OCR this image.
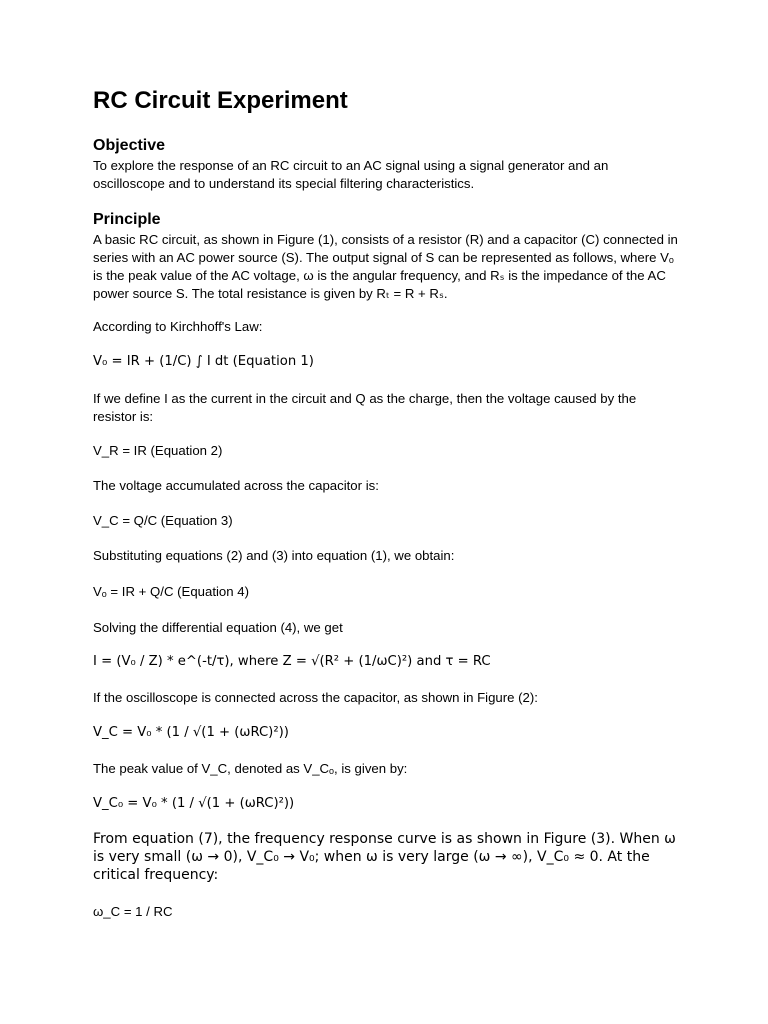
RC Circuit Experiment
Objective

To explore the response of an RC circuit to an AC signal using a signal generator and an oscilloscope and to understand its special filtering characteristics.

Principle

A basic RC circuit, as shown in Figure (1), consists of a resistor (R) and a capacitor (C) connected in series with an AC power source (S). The output signal of S can be represented as follows, where Vₒ is the peak value of the AC voltage, ω is the angular frequency, and Rₛ is the impedance of the AC power source S. The total resistance is given by Rₜ = R + Rₛ.

According to Kirchhoff's Law:

V₀ = IR + (1/C) ∫ I dt (Equation 1)

If we define I as the current in the circuit and Q as the charge, then the voltage caused by the resistor is:

V_R = IR (Equation 2)

The voltage accumulated across the capacitor is:

V_C = Q/C (Equation 3)

Substituting equations (2) and (3) into equation (1), we obtain:

Vₒ = IR + Q/C (Equation 4)

Solving the differential equation (4), we get

I = (V₀ / Z) * e^(-t/τ), where Z = √(R² + (1/ωC)²) and τ = RC

If the oscilloscope is connected across the capacitor, as shown in Figure (2):

V_C = V₀ * (1 / √(1 + (ωRC)²))

The peak value of V_C, denoted as V_Cₒ, is given by:

V_C₀ = V₀ * (1 / √(1 + (ωRC)²))

From equation (7), the frequency response curve is as shown in Figure (3). When ω is very small (ω → 0), V_C₀ → V₀; when ω is very large (ω → ∞), V_C₀ ≈ 0. At the critical frequency:

ω_C = 1 / RC
